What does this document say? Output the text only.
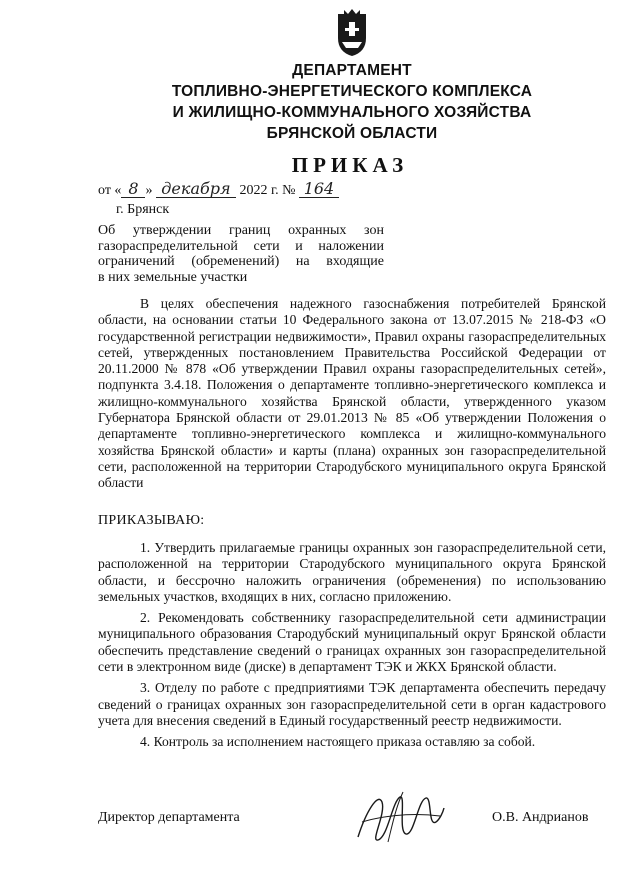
ДЕПАРТАМЕНТ
ТОПЛИВНО-ЭНЕРГЕТИЧЕСКОГО КОМПЛЕКСА
И ЖИЛИЩНО-КОММУНАЛЬНОГО ХОЗЯЙСТВА
БРЯНСКОЙ ОБЛАСТИ
ПРИКАЗ
от « 8 » декабря 2022 г. № 164
г. Брянск
Об утверждении границ охранных зон
газораспределительной сети и наложении
ограничений (обременений) на входящие
в них земельные участки
В целях обеспечения надежного газоснабжения потребителей Брянской области, на основании статьи 10 Федерального закона от 13.07.2015 № 218-ФЗ «О государственной регистрации недвижимости», Правил охраны газораспределительных сетей, утвержденных постановлением Правительства Российской Федерации от 20.11.2000 № 878 «Об утверждении Правил охраны газораспределительных сетей», подпункта 3.4.18. Положения о департаменте топливно-энергетического комплекса и жилищно-коммунального хозяйства Брянской области, утвержденного указом Губернатора Брянской области от 29.01.2013 № 85 «Об утверждении Положения о департаменте топливно-энергетического комплекса и жилищно-коммунального хозяйства Брянской области» и карты (плана) охранных зон газораспределительной сети, расположенной на территории Стародубского муниципального округа Брянской области
ПРИКАЗЫВАЮ:

1. Утвердить прилагаемые границы охранных зон газораспределительной сети, расположенной на территории Стародубского муниципального округа Брянской области, и бессрочно наложить ограничения (обременения) по использованию земельных участков, входящих в них, согласно приложению.

2. Рекомендовать собственнику газораспределительной сети администрации муниципального образования Стародубский муниципальный округ Брянской области обеспечить представление сведений о границах охранных зон газораспределительной сети в электронном виде (диске) в департамент ТЭК и ЖКХ Брянской области.

3. Отделу по работе с предприятиями ТЭК департамента обеспечить передачу сведений о границах охранных зон газораспределительной сети в орган кадастрового учета для внесения сведений в Единый государственный реестр недвижимости.

4. Контроль за исполнением настоящего приказа оставляю за собой.

Директор департамента	О.В. Андрианов
